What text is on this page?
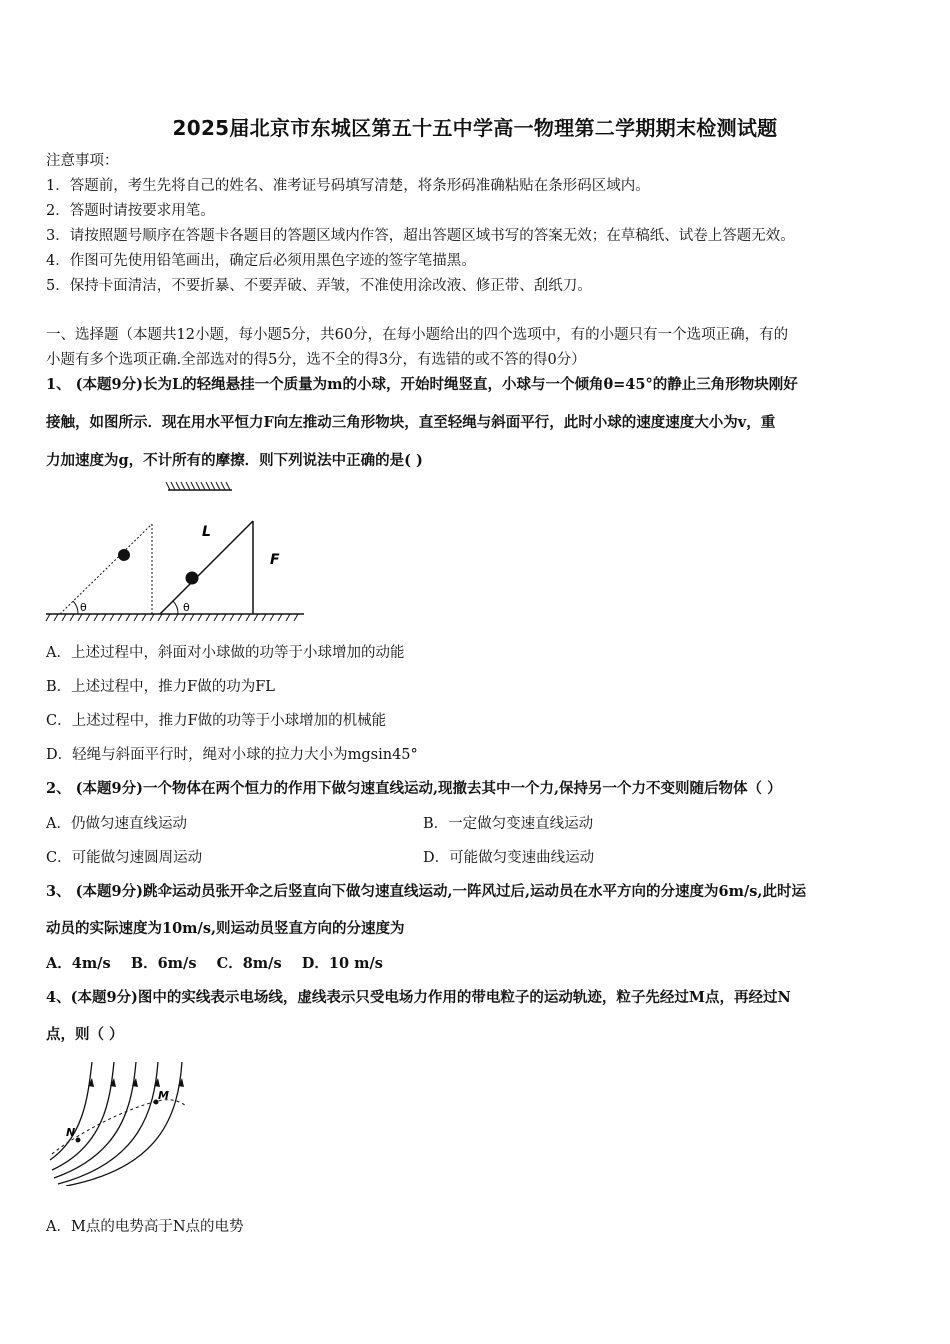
2025届北京市东城区第五十五中学高一物理第二学期期末检测试题
注意事项：
1．答题前，考生先将自己的姓名、准考证号码填写清楚，将条形码准确粘贴在条形码区域内。
2．答题时请按要求用笔。
3．请按照题号顺序在答题卡各题目的答题区域内作答，超出答题区域书写的答案无效；在草稿纸、试卷上答题无效。
4．作图可先使用铅笔画出，确定后必须用黑色字迹的签字笔描黑。
5．保持卡面清洁，不要折暴、不要弄破、弄皱，不准使用涂改液、修正带、刮纸刀。
一、选择题（本题共12小题，每小题5分，共60分，在每小题给出的四个选项中，有的小题只有一个选项正确，有的
小题有多个选项正确.全部选对的得5分，选不全的得3分，有选错的或不答的得0分）
1、 (本题9分)长为L的轻绳悬挂一个质量为m的小球，开始时绳竖直，小球与一个倾角θ=45°的静止三角形物块刚好
接触，如图所示．现在用水平恒力F向左推动三角形物块，直至轻绳与斜面平行，此时小球的速度速度大小为v，重
力加速度为g，不计所有的摩擦．则下列说法中正确的是( )
θ	θ
L
F
A．上述过程中，斜面对小球做的功等于小球增加的动能
B．上述过程中，推力F做的功为FL
C．上述过程中，推力F做的功等于小球增加的机械能
D．轻绳与斜面平行时，绳对小球的拉力大小为mgsin45°
2、 (本题9分)一个物体在两个恒力的作用下做匀速直线运动,现撤去其中一个力,保持另一个力不变则随后物体（ ）
A．仍做匀速直线运动	B．一定做匀变速直线运动
C．可能做匀速圆周运动	D．可能做匀变速曲线运动
3、 (本题9分)跳伞运动员张开伞之后竖直向下做匀速直线运动,一阵风过后,运动员在水平方向的分速度为6m/s,此时运
动员的实际速度为10m/s,则运动员竖直方向的分速度为
A．4m/s    B．6m/s    C．8m/s    D．10 m/s
4、(本题9分)图中的实线表示电场线，虚线表示只受电场力作用的带电粒子的运动轨迹，粒子先经过M点，再经过N
点，则（ ）
M
N
A．M点的电势高于N点的电势
